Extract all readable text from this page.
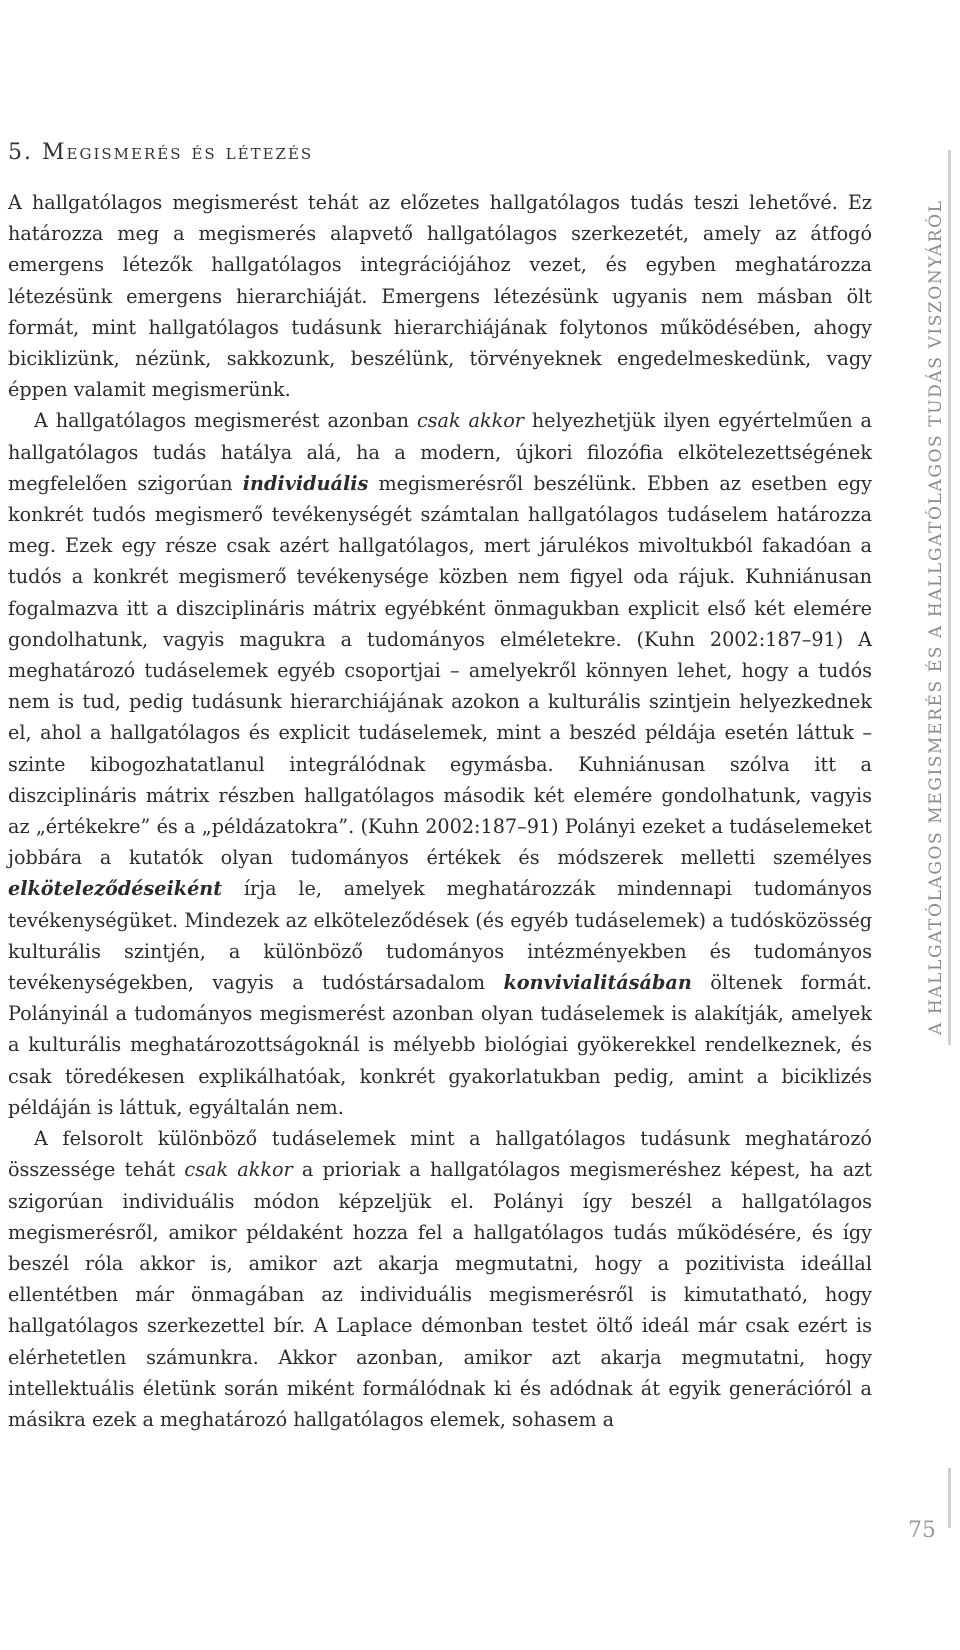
5. Megismerés és létezés

A hallgatólagos megismerést tehát az előzetes hallgatólagos tudás teszi lehetővé. Ez határozza meg a megismerés alapvető hallgatólagos szerkezetét, amely az átfogó emergens létezők hallgatólagos integrációjához vezet, és egyben meghatározza létezésünk emergens hierarchiáját. Emergens létezésünk ugyanis nem másban ölt formát, mint hallgatólagos tudásunk hierarchiájának folytonos működésében, ahogy biciklizünk, nézünk, sakkozunk, beszélünk, törvényeknek engedelmeskedünk, vagy éppen valamit megismerünk.

A hallgatólagos megismerést azonban csak akkor helyezhetjük ilyen egyértelműen a hallgatólagos tudás hatálya alá, ha a modern, újkori filozófia elkötelezettségének megfelelően szigorúan individuális megismerésről beszélünk. Ebben az esetben egy konkrét tudós megismerő tevékenységét számtalan hallgatólagos tudáselem határozza meg. Ezek egy része csak azért hallgatólagos, mert járulékos mivoltukból fakadóan a tudós a konkrét megismerő tevékenysége közben nem figyel oda rájuk. Kuhniánusan fogalmazva itt a diszciplináris mátrix egyébként önmagukban explicit első két elemére gondolhatunk, vagyis magukra a tudományos elméletekre. (Kuhn 2002:187–91) A meghatározó tudáselemek egyéb csoportjai – amelyekről könnyen lehet, hogy a tudós nem is tud, pedig tudásunk hierarchiájának azokon a kulturális szintjein helyezkednek el, ahol a hallgatólagos és explicit tudáselemek, mint a beszéd példája esetén láttuk – szinte kibogozhatatlanul integrálódnak egymásba. Kuhniánusan szólva itt a diszciplináris mátrix részben hallgatólagos második két elemére gondolhatunk, vagyis az „értékekre” és a „példázatokra”. (Kuhn 2002:187–91) Polányi ezeket a tudáselemeket jobbára a kutatók olyan tudományos értékek és módszerek melletti személyes elköteleződéseiként írja le, amelyek meghatározzák mindennapi tudományos tevékenységüket. Mindezek az elköteleződések (és egyéb tudáselemek) a tudósközösség kulturális szintjén, a különböző tudományos intézményekben és tudományos tevékenységekben, vagyis a tudóstársadalom konvivialitásában öltenek formát. Polányinál a tudományos megismerést azonban olyan tudáselemek is alakítják, amelyek a kulturális meghatározottságoknál is mélyebb biológiai gyökerekkel rendelkeznek, és csak töredékesen explikálhatóak, konkrét gyakorlatukban pedig, amint a biciklizés példáján is láttuk, egyáltalán nem.

A felsorolt különböző tudáselemek mint a hallgatólagos tudásunk meghatározó összessége tehát csak akkor a prioriak a hallgatólagos megismeréshez képest, ha azt szigorúan individuális módon képzeljük el. Polányi így beszél a hallgatólagos megismerésről, amikor példaként hozza fel a hallgatólagos tudás működésére, és így beszél róla akkor is, amikor azt akarja megmutatni, hogy a pozitivista ideállal ellentétben már önmagában az individuális megismerésről is kimutatható, hogy hallgatólagos szerkezettel bír. A Laplace démonban testet öltő ideál már csak ezért is elérhetetlen számunkra. Akkor azonban, amikor azt akarja megmutatni, hogy intellektuális életünk során miként formálódnak ki és adódnak át egyik generációról a másikra ezek a meghatározó hallgatólagos elemek, sohasem a

A HALLGATÓLAGOS MEGISMERÉS ÉS A HALLGATÓLAGOS TUDÁS VISZONYÁRÓL
75
